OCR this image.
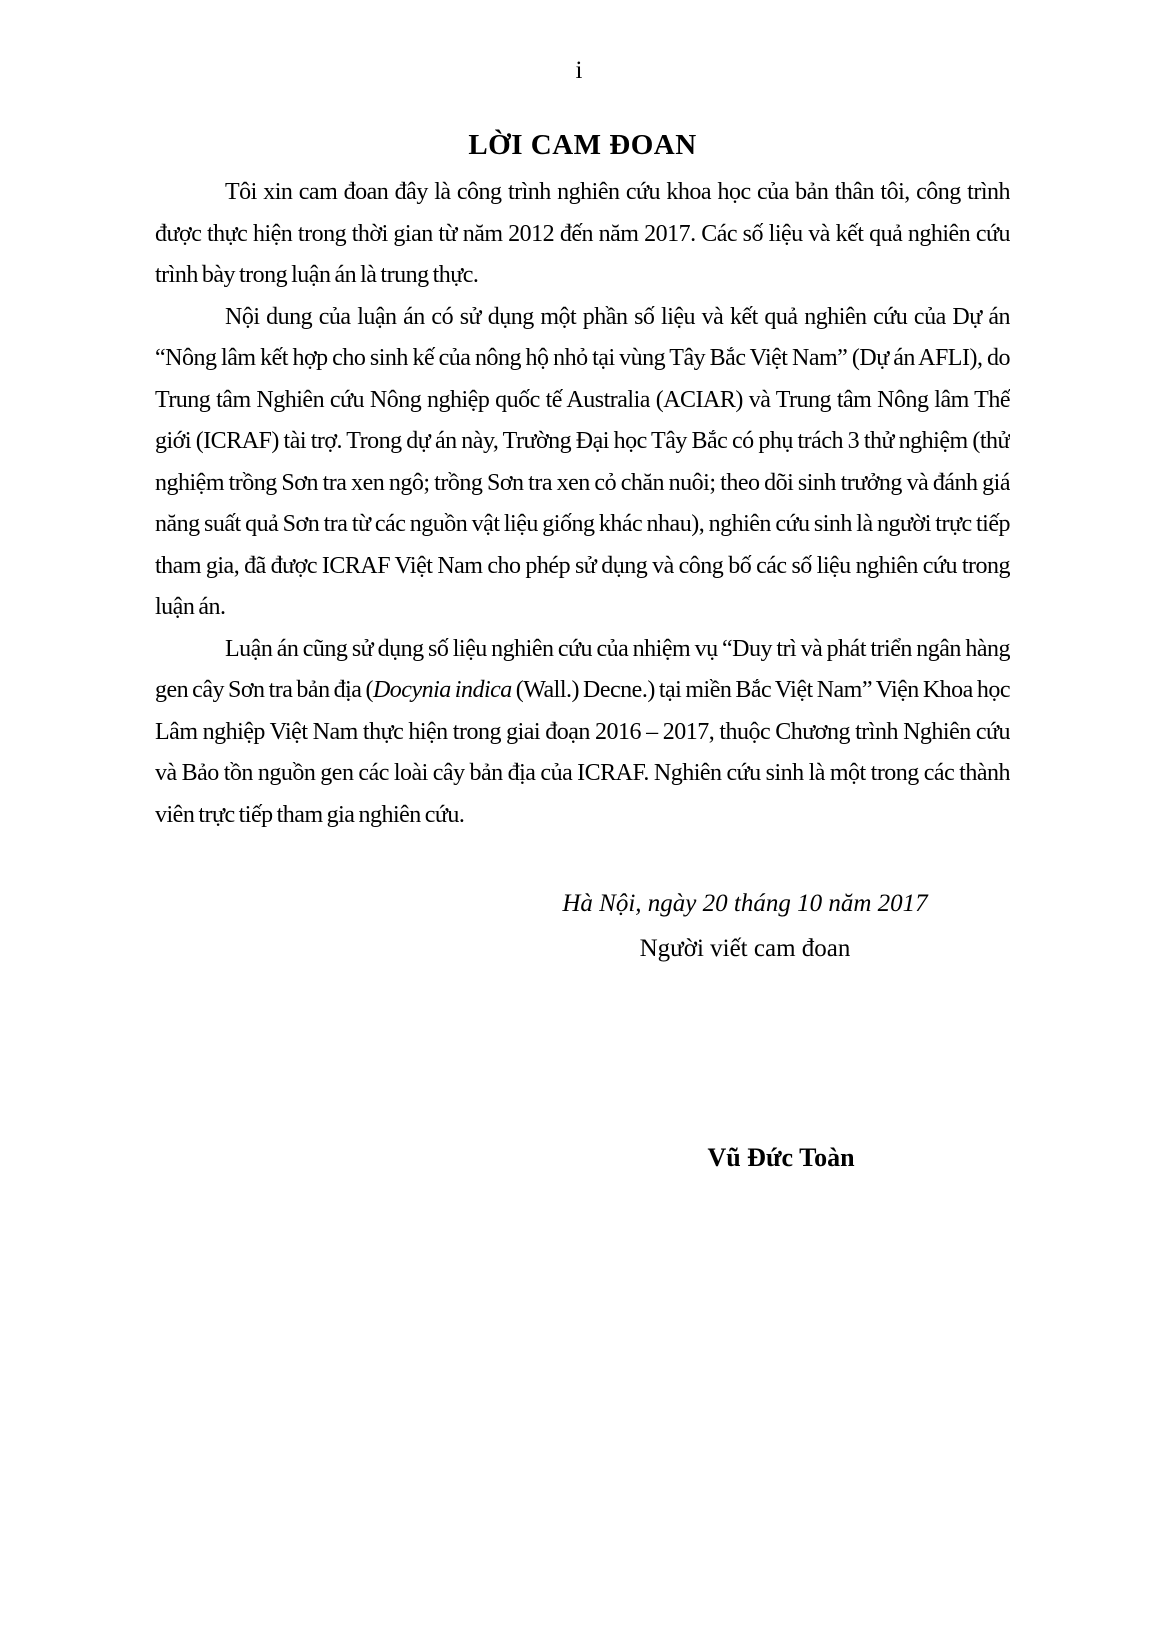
i
LỜI CAM ĐOAN

Tôi xin cam đoan đây là công trình nghiên cứu khoa học của bản thân tôi, công trình được thực hiện trong thời gian từ năm 2012 đến năm 2017. Các số liệu và kết quả nghiên cứu trình bày trong luận án là trung thực.

Nội dung của luận án có sử dụng một phần số liệu và kết quả nghiên cứu của Dự án “Nông lâm kết hợp cho sinh kế của nông hộ nhỏ tại vùng Tây Bắc Việt Nam” (Dự án AFLI), do Trung tâm Nghiên cứu Nông nghiệp quốc tế Australia (ACIAR) và Trung tâm Nông lâm Thế giới (ICRAF) tài trợ. Trong dự án này, Trường Đại học Tây Bắc có phụ trách 3 thử nghiệm (thử nghiệm trồng Sơn tra xen ngô; trồng Sơn tra xen cỏ chăn nuôi; theo dõi sinh trưởng và đánh giá năng suất quả Sơn tra từ các nguồn vật liệu giống khác nhau), nghiên cứu sinh là người trực tiếp tham gia, đã được ICRAF Việt Nam cho phép sử dụng và công bố các số liệu nghiên cứu trong luận án.

Luận án cũng sử dụng số liệu nghiên cứu của nhiệm vụ “Duy trì và phát triển ngân hàng gen cây Sơn tra bản địa (Docynia indica (Wall.) Decne.) tại miền Bắc Việt Nam” Viện Khoa học Lâm nghiệp Việt Nam thực hiện trong giai đoạn 2016 – 2017, thuộc Chương trình Nghiên cứu và Bảo tồn nguồn gen các loài cây bản địa của ICRAF. Nghiên cứu sinh là một trong các thành viên trực tiếp tham gia nghiên cứu.

Hà Nội, ngày 20 tháng 10 năm 2017
Người viết cam đoan
Vũ Đức Toàn
